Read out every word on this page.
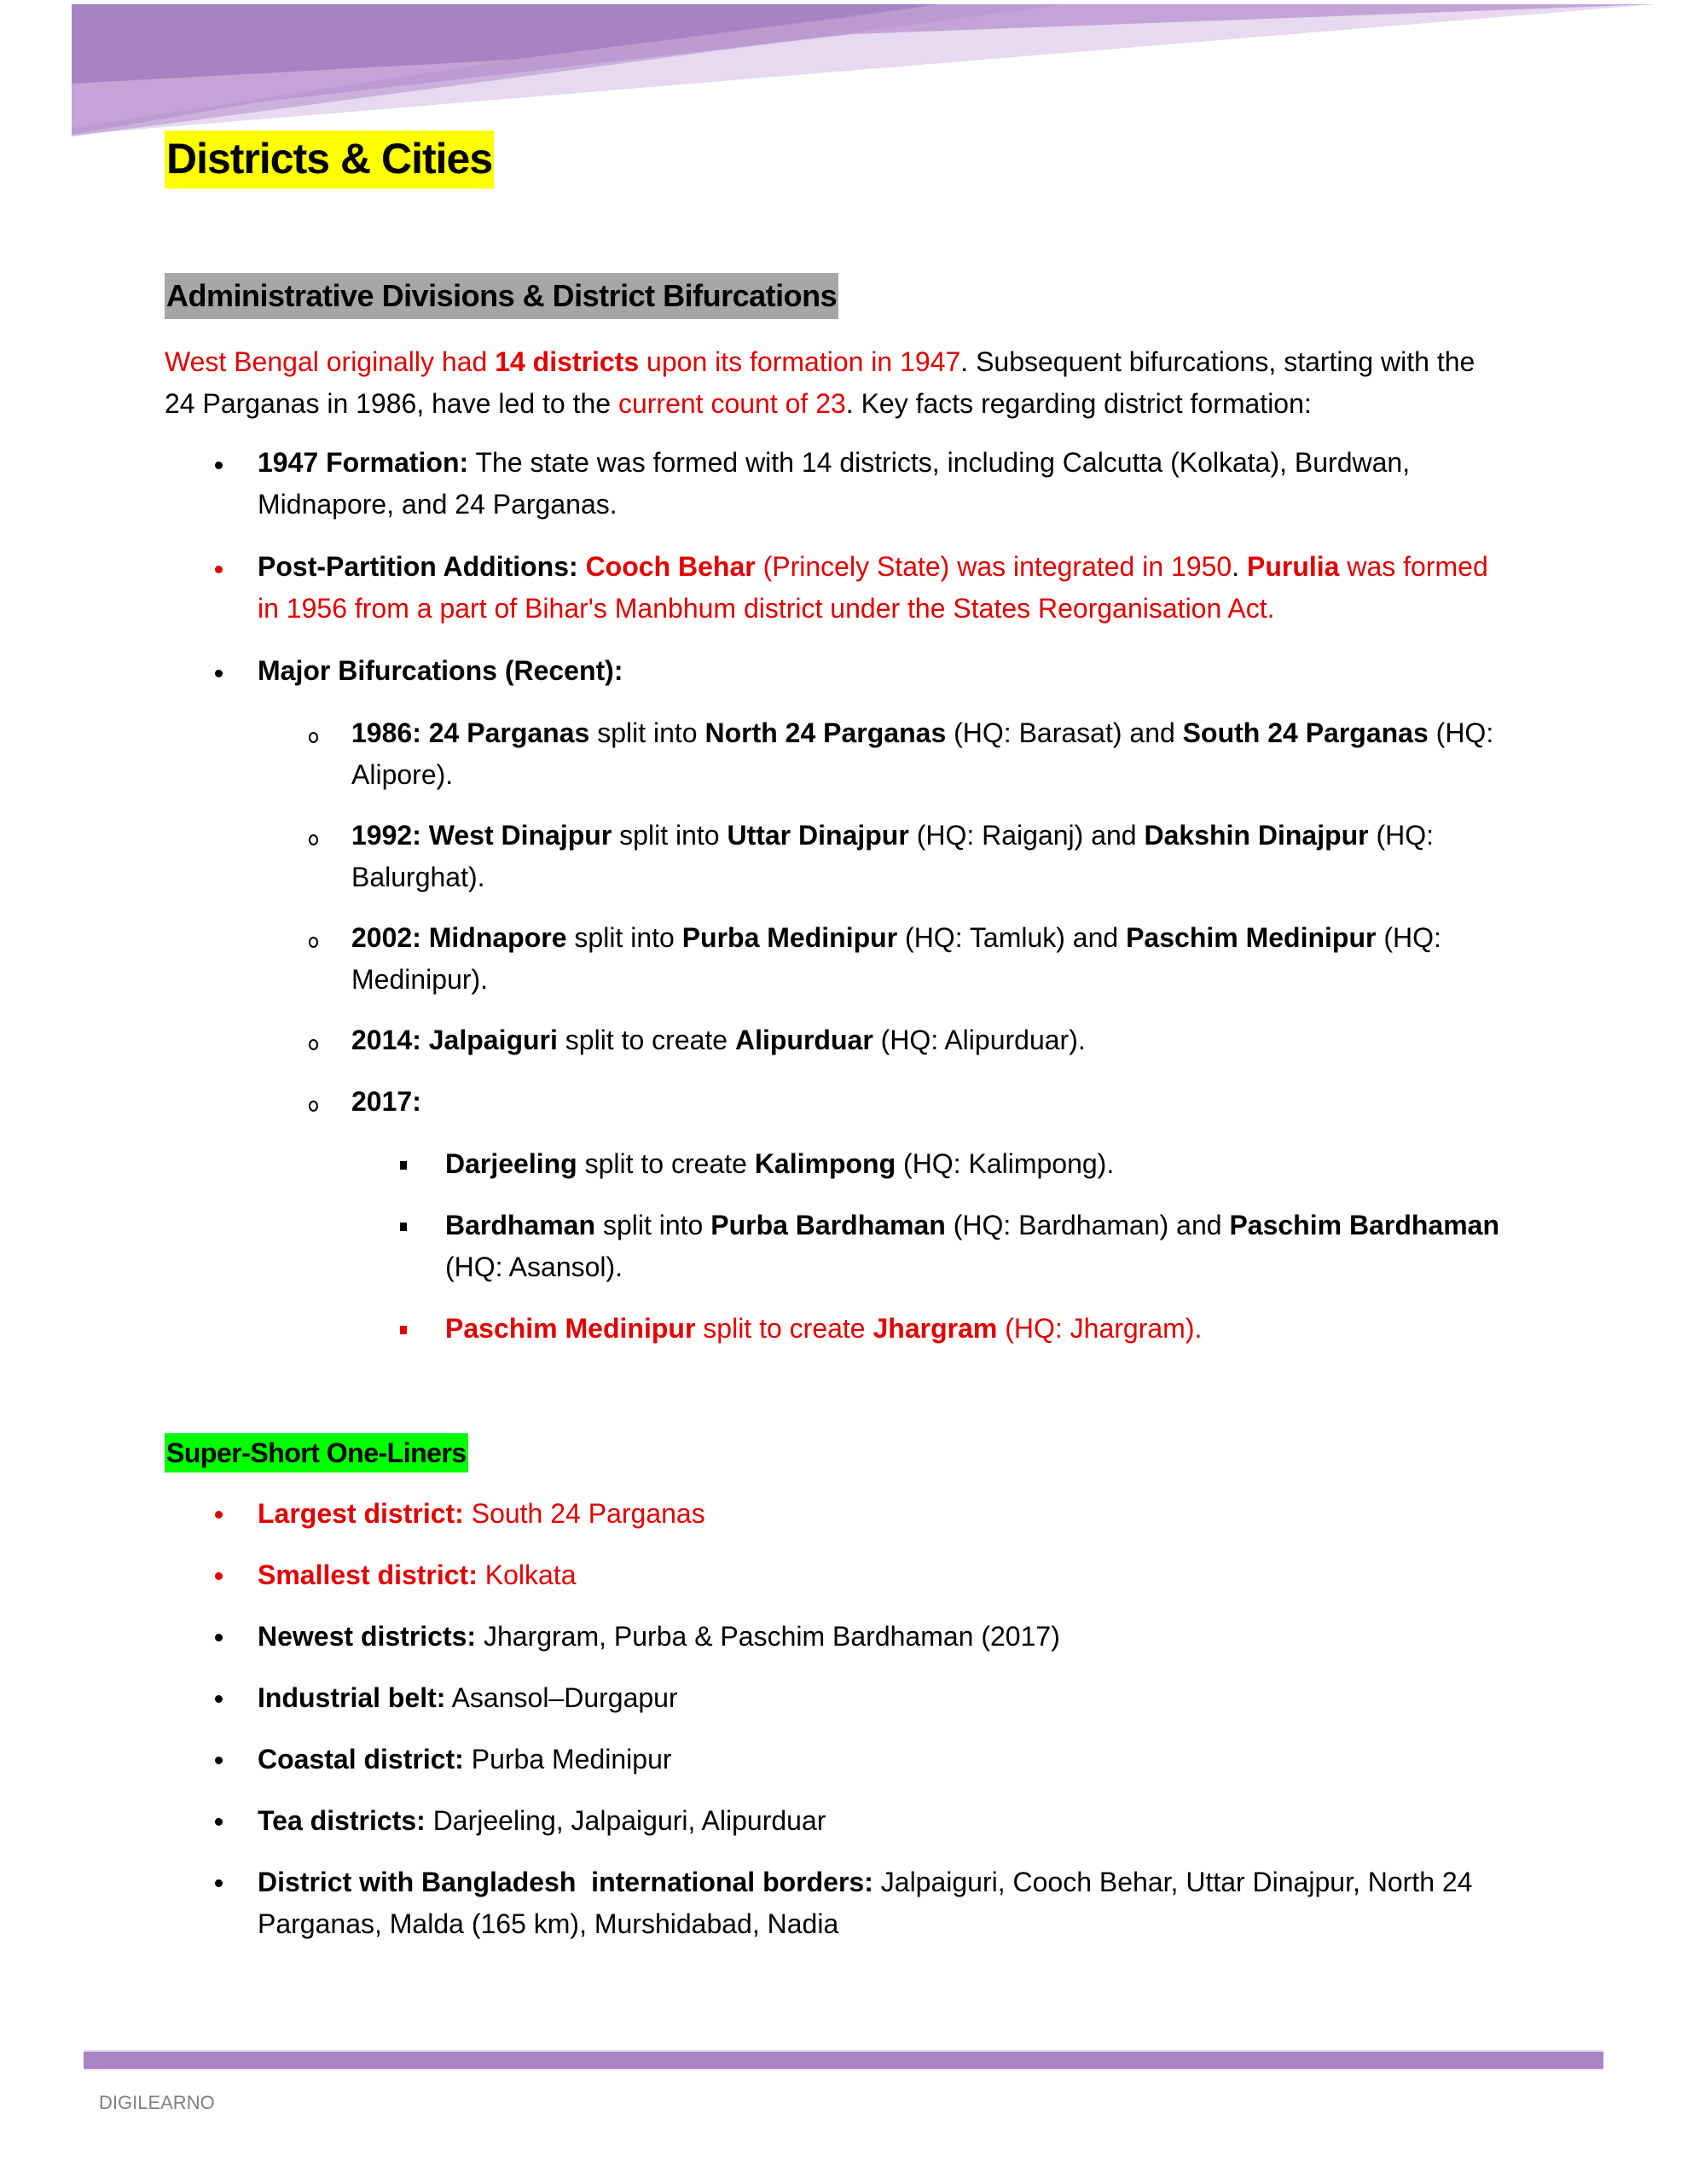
Districts & Cities
Administrative Divisions & District Bifurcations
West Bengal originally had 14 districts upon its formation in 1947. Subsequent bifurcations, starting with the 24 Parganas in 1986, have led to the current count of 23. Key facts regarding district formation:
1947 Formation: The state was formed with 14 districts, including Calcutta (Kolkata), Burdwan, Midnapore, and 24 Parganas.
Post-Partition Additions: Cooch Behar (Princely State) was integrated in 1950. Purulia was formed in 1956 from a part of Bihar's Manbhum district under the States Reorganisation Act.
Major Bifurcations (Recent):
1986: 24 Parganas split into North 24 Parganas (HQ: Barasat) and South 24 Parganas (HQ: Alipore).
1992: West Dinajpur split into Uttar Dinajpur (HQ: Raiganj) and Dakshin Dinajpur (HQ: Balurghat).
2002: Midnapore split into Purba Medinipur (HQ: Tamluk) and Paschim Medinipur (HQ: Medinipur).
2014: Jalpaiguri split to create Alipurduar (HQ: Alipurduar).
2017:
Darjeeling split to create Kalimpong (HQ: Kalimpong).
Bardhaman split into Purba Bardhaman (HQ: Bardhaman) and Paschim Bardhaman (HQ: Asansol).
Paschim Medinipur split to create Jhargram (HQ: Jhargram).
Super-Short One-Liners
Largest district: South 24 Parganas
Smallest district: Kolkata
Newest districts: Jhargram, Purba & Paschim Bardhaman (2017)
Industrial belt: Asansol–Durgapur
Coastal district: Purba Medinipur
Tea districts: Darjeeling, Jalpaiguri, Alipurduar
District with Bangladesh  international borders: Jalpaiguri, Cooch Behar, Uttar Dinajpur, North 24 Parganas, Malda (165 km), Murshidabad, Nadia
DIGILEARNO
